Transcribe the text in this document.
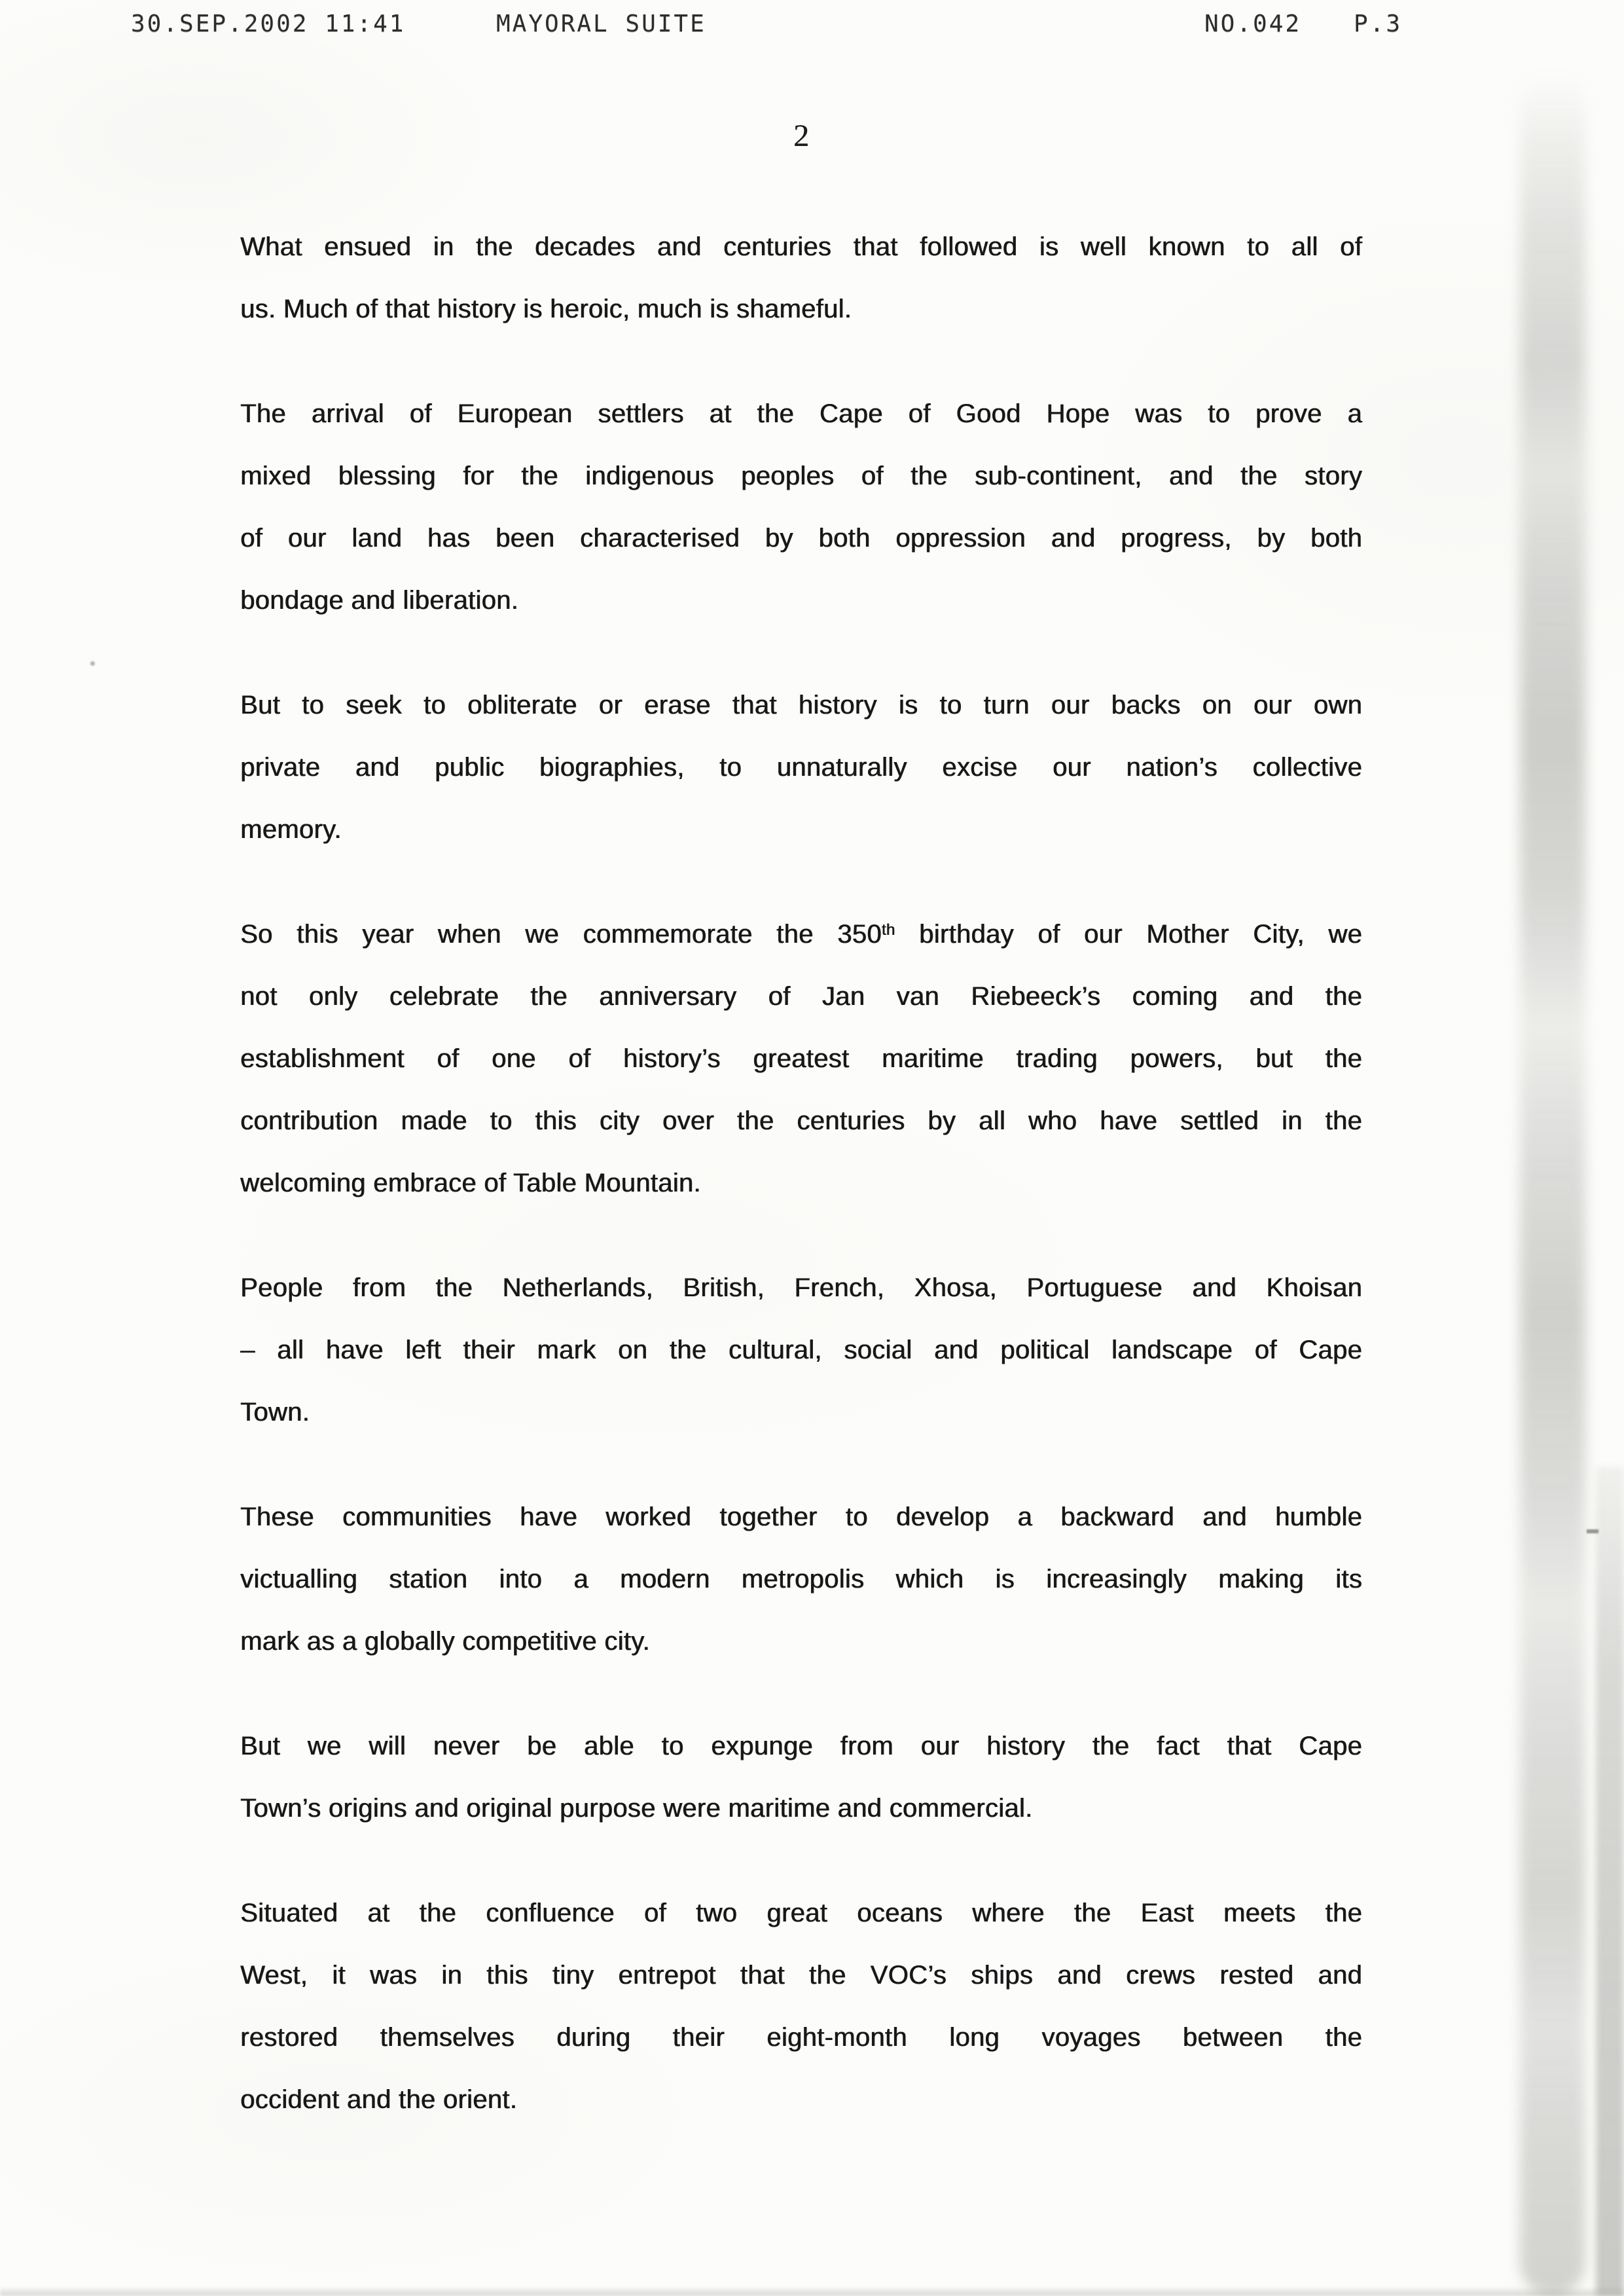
30.SEP.2002 11:41	MAYORAL SUITE	NO.042 P.3
2
What ensued in the decades and centuries that followed is well known to all of
us. Much of that history is heroic, much is shameful.
The arrival of European settlers at the Cape of Good Hope was to prove a
mixed blessing for the indigenous peoples of the sub-continent, and the story
of our land has been characterised by both oppression and progress, by both
bondage and liberation.
But to seek to obliterate or erase that history is to turn our backs on our own
private and public biographies, to unnaturally excise our nation’s collective
memory.
So this year when we commemorate the 350th birthday of our Mother City, we
not only celebrate the anniversary of Jan van Riebeeck’s coming and the
establishment of one of history’s greatest maritime trading powers, but the
contribution made to this city over the centuries by all who have settled in the
welcoming embrace of Table Mountain.
People from the Netherlands, British, French, Xhosa, Portuguese and Khoisan
– all have left their mark on the cultural, social and political landscape of Cape
Town.
These communities have worked together to develop a backward and humble
victualling station into a modern metropolis which is increasingly making its
mark as a globally competitive city.
But we will never be able to expunge from our history the fact that Cape
Town’s origins and original purpose were maritime and commercial.
Situated at the confluence of two great oceans where the East meets the
West, it was in this tiny entrepot that the VOC’s ships and crews rested and
restored themselves during their eight-month long voyages between the
occident and the orient.
